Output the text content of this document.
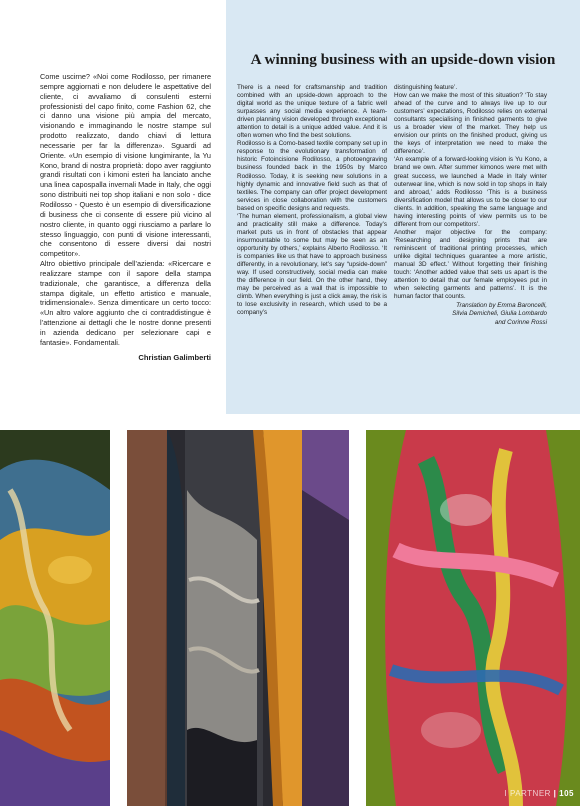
Come uscirne? «Noi come Rodilosso, per rimanere sempre aggiornati e non deludere le aspettative del cliente, ci avvaliamo di consulenti esterni professionisti del capo finito, come Fashion 62, che ci danno una visione più ampia del mercato, visionando e immaginando le nostre stampe sul prodotto realizzato, dando chiavi di lettura necessarie per far la differenza». Sguardi ad Oriente. «Un esempio di visione lungimirante, la Yu Kono, brand di nostra proprietà: dopo aver raggiunto grandi risultati con i kimoni esteri ha lanciato anche una linea capospalla invernali Made in Italy, che oggi sono distribuiti nei top shop italiani e non solo - dice Rodilosso - Questo è un esempio di diversificazione di business che ci consente di essere più vicino al nostro cliente, in quanto oggi riusciamo a parlare lo stesso linguaggio, con punti di visione interessanti, che consentono di essere diversi dai nostri competitor».

Altro obiettivo principale dell’azienda: «Ricercare e realizzare stampe con il sapore della stampa tradizionale, che garantisce, a differenza della stampa digitale, un effetto artistico e manuale, tridimensionale». Senza dimenticare un certo tocco: «Un altro valore aggiunto che ci contraddistingue è l’attenzione ai dettagli che le nostre donne presenti in azienda dedicano per selezionare capi e fantasie». Fondamentali.

Christian Galimberti
A winning business with an upside-down vision

There is a need for craftsmanship and tradition combined with an upside-down approach to the digital world as the unique texture of a fabric well surpasses any social media experience. A team-driven planning vision developed through exceptional attention to detail is a unique added value. And it is often women who find the best solutions.

Rodilosso is a Como-based textile company set up in response to the evolutionary transformation of historic Fotoincisione Rodilosso, a photoengraving business founded back in the 1950s by Marco Rodilosso. Today, it is seeking new solutions in a highly dynamic and innovative field such as that of textiles. The company can offer project development services in close collaboration with the customers based on specific designs and requests.

‘The human element, professionalism, a global view and practicality still make a difference. Today’s market puts us in front of obstacles that appear insurmountable to some but may be seen as an opportunity by others,’ explains Alberto Rodilosso. ‘It is companies like us that have to approach business differently, in a revolutionary, let’s say “upside-down” way. If used constructively, social media can make the difference in our field. On the other hand, they may be perceived as a wall that is impossible to climb. When everything is just a click away, the risk is to lose exclusivity in research, which used to be a company’s

distinguishing feature’.

How can we make the most of this situation? ‘To stay ahead of the curve and to always live up to our customers’ expectations, Rodilosso relies on external consultants specialising in finished garments to give us a broader view of the market. They help us envision our prints on the finished product, giving us the keys of interpretation we need to make the difference’.

‘An example of a forward-looking vision is Yu Kono, a brand we own. After summer kimonos were met with great success, we launched a Made in Italy winter outerwear line, which is now sold in top shops in Italy and abroad,’ adds Rodilosso ‘This is a business diversification model that allows us to be closer to our clients. In addition, speaking the same language and having interesting points of view permits us to be different from our competitors’.

Another major objective for the company: ‘Researching and designing prints that are reminiscent of traditional printing processes, which unlike digital techniques guarantee a more artistic, manual 3D effect.’ Without forgetting their finishing touch: ‘Another added value that sets us apart is the attention to detail that our female employees put in when selecting garments and patterns’. It is the human factor that counts.

Translation by Emma Baroncelli,
Silvia Demicheli, Giulia Lombardo
and Corinne Rossi
I PARTNER | 105
